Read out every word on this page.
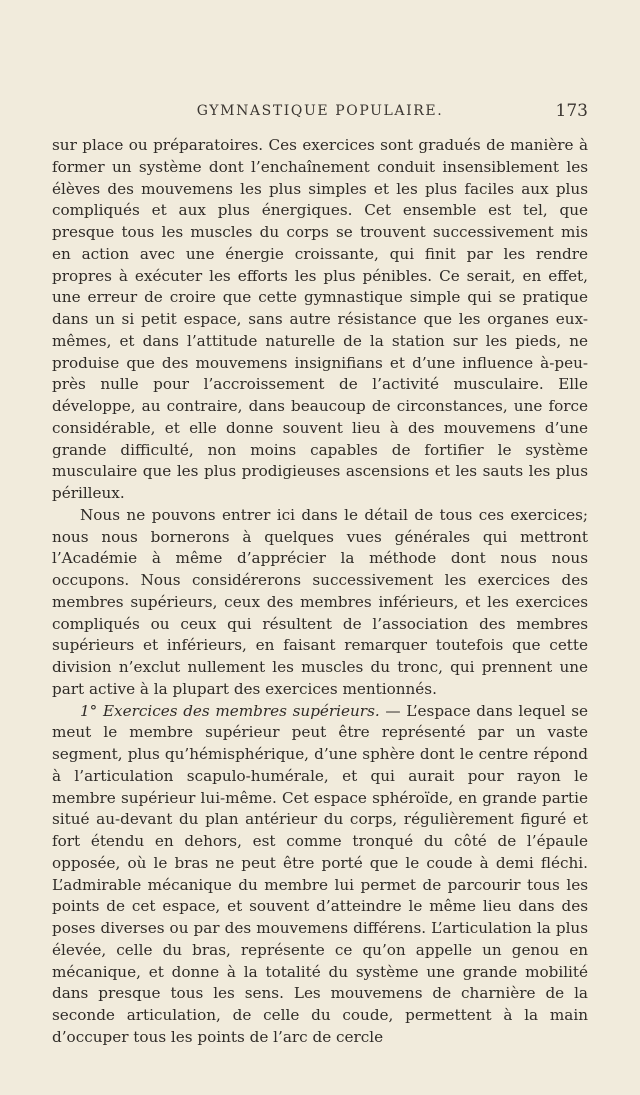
GYMNASTIQUE POPULAIRE.	173

sur place ou préparatoires. Ces exercices sont gradués de manière à former un système dont l’enchaînement conduit insensiblement les élèves des mouvemens les plus simples et les plus faciles aux plus compliqués et aux plus énergiques. Cet ensemble est tel, que presque tous les muscles du corps se trouvent successivement mis en action avec une énergie croissante, qui finit par les rendre propres à exécuter les efforts les plus pénibles. Ce serait, en effet, une erreur de croire que cette gymnastique simple qui se pratique dans un si petit espace, sans autre résistance que les organes eux-mêmes, et dans l’attitude naturelle de la station sur les pieds, ne produise que des mouvemens insignifians et d’une influence à-peu-près nulle pour l’accroissement de l’activité musculaire. Elle développe, au contraire, dans beaucoup de circonstances, une force considérable, et elle donne souvent lieu à des mouvemens d’une grande difficulté, non moins capables de fortifier le système musculaire que les plus prodigieuses ascensions et les sauts les plus périlleux.

Nous ne pouvons entrer ici dans le détail de tous ces exercices; nous nous bornerons à quelques vues générales qui mettront l’Académie à même d’apprécier la méthode dont nous nous occupons. Nous considérerons successivement les exercices des membres supérieurs, ceux des membres inférieurs, et les exercices compliqués ou ceux qui résultent de l’association des membres supérieurs et inférieurs, en faisant remarquer toutefois que cette division n’exclut nullement les muscles du tronc, qui prennent une part active à la plupart des exercices mentionnés.

1° Exercices des membres supérieurs. — L’espace dans lequel se meut le membre supérieur peut être représenté par un vaste segment, plus qu’hémisphérique, d’une sphère dont le centre répond à l’articulation scapulo-humérale, et qui aurait pour rayon le membre supérieur lui-même. Cet espace sphéroïde, en grande partie situé au-devant du plan antérieur du corps, régulièrement figuré et fort étendu en dehors, est comme tronqué du côté de l’épaule opposée, où le bras ne peut être porté que le coude à demi fléchi. L’admirable mécanique du membre lui permet de parcourir tous les points de cet espace, et souvent d’atteindre le même lieu dans des poses diverses ou par des mouvemens différens. L’articulation la plus élevée, celle du bras, représente ce qu’on appelle un genou en mécanique, et donne à la totalité du système une grande mobilité dans presque tous les sens. Les mouvemens de charnière de la seconde articulation, de celle du coude, permettent à la main d’occuper tous les points de l’arc de cercle
